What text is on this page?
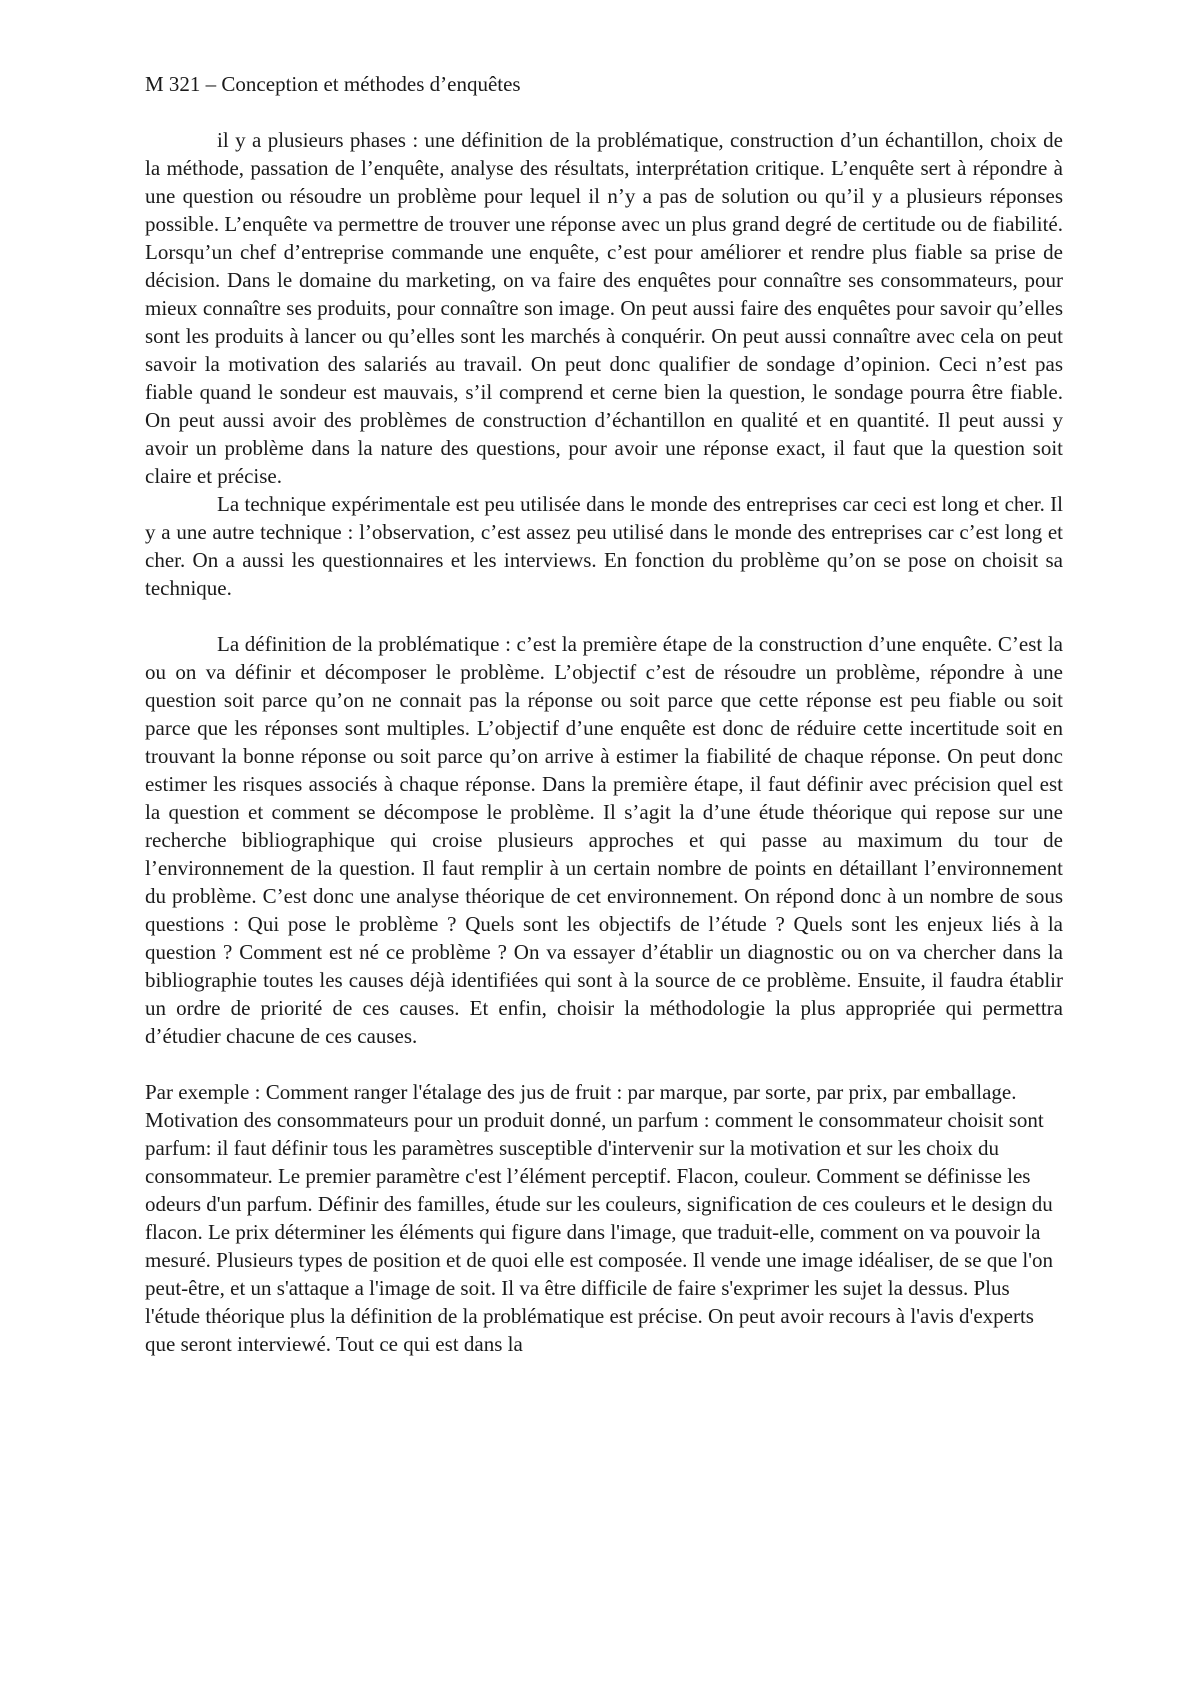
M 321 – Conception et méthodes d’enquêtes

il y a plusieurs phases : une définition de la problématique, construction d’un échantillon, choix de la méthode, passation de l’enquête, analyse des résultats, interprétation critique. L’enquête sert à répondre à une question ou résoudre un problème pour lequel il n’y a pas de solution ou qu’il y a plusieurs réponses possible. L’enquête va permettre de trouver une réponse avec un plus grand degré de certitude ou de fiabilité. Lorsqu’un chef d’entreprise commande une enquête, c’est pour améliorer et rendre plus fiable sa prise de décision. Dans le domaine du marketing, on va faire des enquêtes pour connaître ses consommateurs, pour mieux connaître ses produits, pour connaître son image. On peut aussi faire des enquêtes pour savoir qu’elles sont les produits à lancer ou qu’elles sont les marchés à conquérir. On peut aussi connaître avec cela on peut savoir la motivation des salariés au travail. On peut donc qualifier de sondage d’opinion. Ceci n’est pas fiable quand le sondeur est mauvais, s’il comprend et cerne bien la question, le sondage pourra être fiable. On peut aussi avoir des problèmes de construction d’échantillon en qualité et en quantité. Il peut aussi y avoir un problème dans la nature des questions, pour avoir une réponse exact, il faut que la question soit claire et précise.

La technique expérimentale est peu utilisée dans le monde des entreprises car ceci est long et cher. Il y a une autre technique : l’observation, c’est assez peu utilisé dans le monde des entreprises car c’est long et cher. On a aussi les questionnaires et les interviews. En fonction du problème qu’on se pose on choisit sa technique.

La définition de la problématique : c’est la première étape de la construction d’une enquête. C’est la ou on va définir et décomposer le problème. L’objectif c’est de résoudre un problème, répondre à une question soit parce qu’on ne connait pas la réponse ou soit parce que cette réponse est peu fiable ou soit parce que les réponses sont multiples. L’objectif d’une enquête est donc de réduire cette incertitude soit en trouvant la bonne réponse ou soit parce qu’on arrive à estimer la fiabilité de chaque réponse. On peut donc estimer les risques associés à chaque réponse. Dans la première étape, il faut définir avec précision quel est la question et comment se décompose le problème. Il s’agit la d’une étude théorique qui repose sur une recherche bibliographique qui croise plusieurs approches et qui passe au maximum du tour de l’environnement de la question. Il faut remplir à un certain nombre de points en détaillant l’environnement du problème. C’est donc une analyse théorique de cet environnement. On répond donc à un nombre de sous questions : Qui pose le problème ? Quels sont les objectifs de l’étude ? Quels sont les enjeux liés à la question ? Comment est né ce problème ? On va essayer d’établir un diagnostic ou on va chercher dans la bibliographie toutes les causes déjà identifiées qui sont à la source de ce problème. Ensuite, il faudra établir un ordre de priorité de ces causes. Et enfin, choisir la méthodologie la plus appropriée qui permettra d’étudier chacune de ces causes.

Par exemple : Comment ranger l'étalage des jus de fruit : par marque, par sorte, par prix, par emballage.

Motivation des consommateurs pour un produit donné, un parfum : comment le consommateur choisit sont parfum: il faut définir tous les paramètres susceptible d'intervenir sur la motivation et sur les choix du consommateur. Le premier paramètre c'est l’élément perceptif. Flacon, couleur. Comment se définisse les odeurs d'un parfum. Définir des familles, étude sur les couleurs, signification de ces couleurs et le design du flacon. Le prix déterminer les éléments qui figure dans l'image, que traduit-elle, comment on va pouvoir la mesuré. Plusieurs types de position et de quoi elle est composée. Il vende une image idéaliser, de se que l'on peut-être, et un s'attaque a l'image de soit. Il va être difficile de faire s'exprimer les sujet la dessus. Plus l'étude théorique plus la définition de la problématique est précise. On peut avoir recours à l'avis d'experts que seront interviewé. Tout ce qui est dans la
